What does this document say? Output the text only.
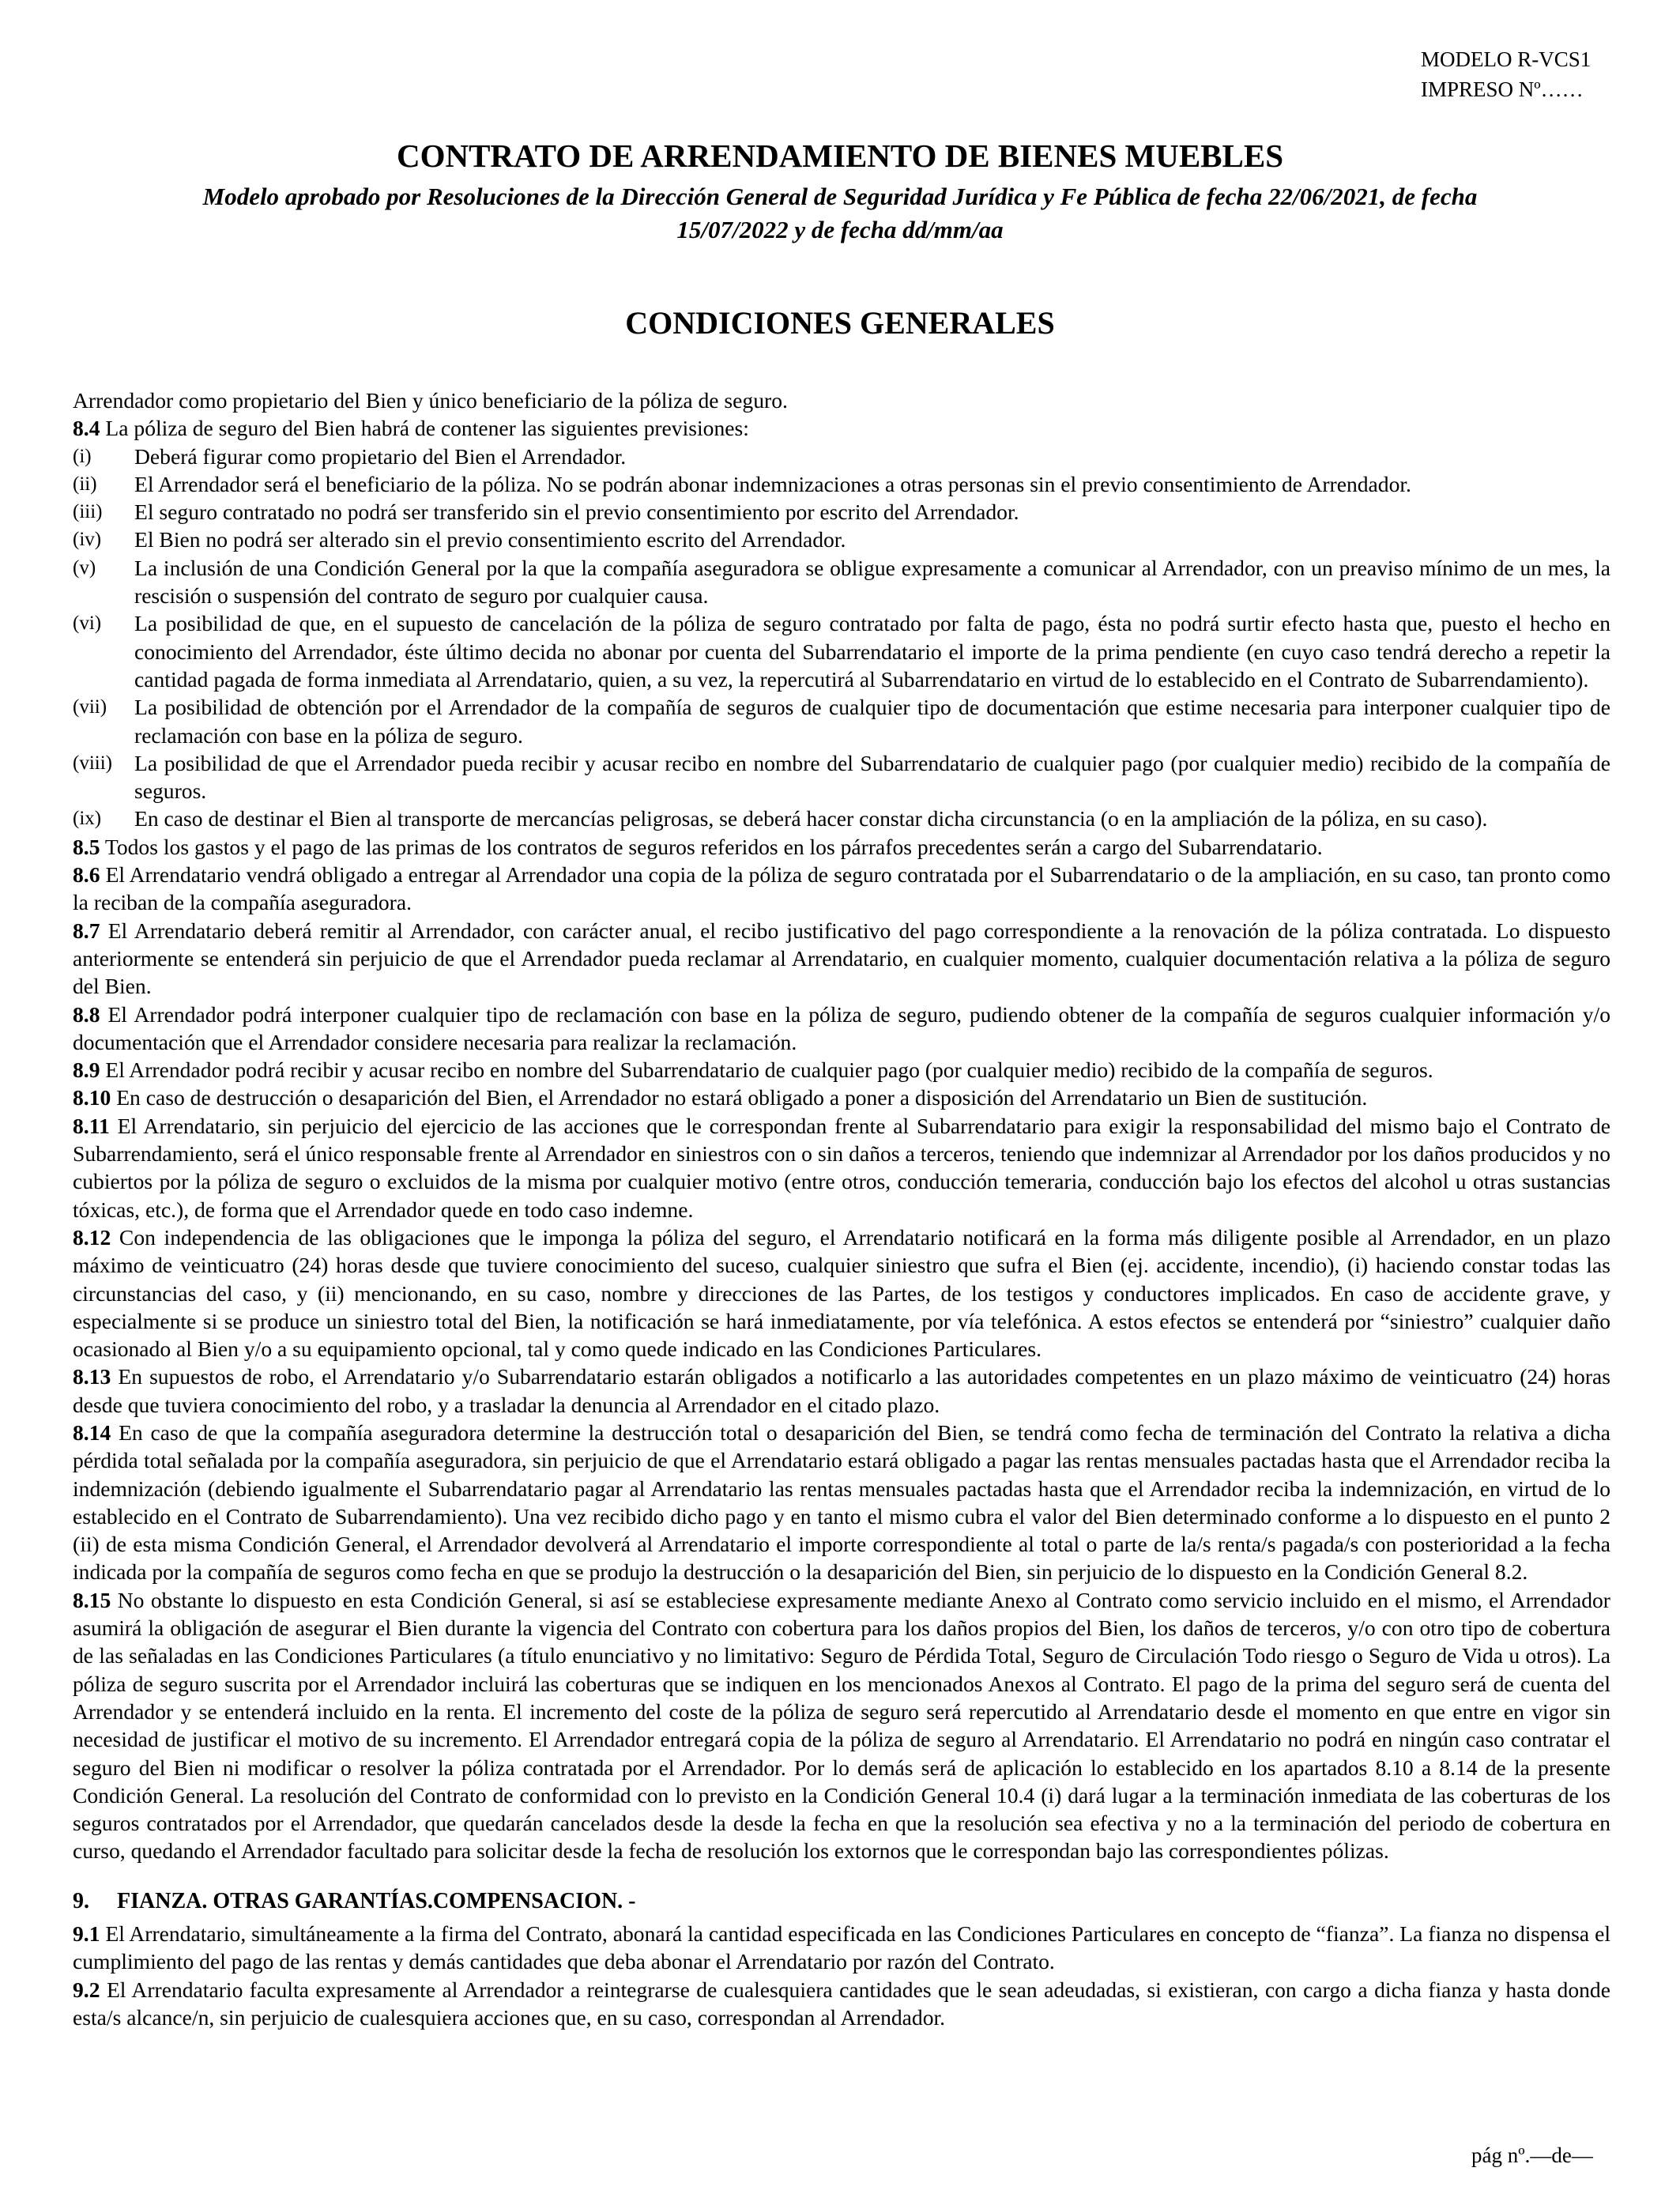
MODELO R-VCS1
IMPRESO Nº……
CONTRATO DE ARRENDAMIENTO DE BIENES MUEBLES
Modelo aprobado por Resoluciones de la Dirección General de Seguridad Jurídica y Fe Pública de fecha 22/06/2021, de fecha 15/07/2022 y de fecha dd/mm/aa
CONDICIONES GENERALES

Arrendador como propietario del Bien y único beneficiario de la póliza de seguro.

8.4 La póliza de seguro del Bien habrá de contener las siguientes previsiones:

(i) Deberá figurar como propietario del Bien el Arrendador.
(ii) El Arrendador será el beneficiario de la póliza. No se podrán abonar indemnizaciones a otras personas sin el previo consentimiento de Arrendador.
(iii) El seguro contratado no podrá ser transferido sin el previo consentimiento por escrito del Arrendador.
(iv) El Bien no podrá ser alterado sin el previo consentimiento escrito del Arrendador.
(v) La inclusión de una Condición General por la que la compañía aseguradora se obligue expresamente a comunicar al Arrendador, con un preaviso mínimo de un mes, la rescisión o suspensión del contrato de seguro por cualquier causa.
(vi) La posibilidad de que, en el supuesto de cancelación de la póliza de seguro contratado por falta de pago, ésta no podrá surtir efecto hasta que, puesto el hecho en conocimiento del Arrendador, éste último decida no abonar por cuenta del Subarrendatario el importe de la prima pendiente (en cuyo caso tendrá derecho a repetir la cantidad pagada de forma inmediata al Arrendatario, quien, a su vez, la repercutirá al Subarrendatario en virtud de lo establecido en el Contrato de Subarrendamiento).
(vii) La posibilidad de obtención por el Arrendador de la compañía de seguros de cualquier tipo de documentación que estime necesaria para interponer cualquier tipo de reclamación con base en la póliza de seguro.
(viii) La posibilidad de que el Arrendador pueda recibir y acusar recibo en nombre del Subarrendatario de cualquier pago (por cualquier medio) recibido de la compañía de seguros.
(ix) En caso de destinar el Bien al transporte de mercancías peligrosas, se deberá hacer constar dicha circunstancia (o en la ampliación de la póliza, en su caso).

8.5 Todos los gastos y el pago de las primas de los contratos de seguros referidos en los párrafos precedentes serán a cargo del Subarrendatario.

8.6 El Arrendatario vendrá obligado a entregar al Arrendador una copia de la póliza de seguro contratada por el Subarrendatario o de la ampliación, en su caso, tan pronto como la reciban de la compañía aseguradora.

8.7 El Arrendatario deberá remitir al Arrendador, con carácter anual, el recibo justificativo del pago correspondiente a la renovación de la póliza contratada. Lo dispuesto anteriormente se entenderá sin perjuicio de que el Arrendador pueda reclamar al Arrendatario, en cualquier momento, cualquier documentación relativa a la póliza de seguro del Bien.

8.8 El Arrendador podrá interponer cualquier tipo de reclamación con base en la póliza de seguro, pudiendo obtener de la compañía de seguros cualquier información y/o documentación que el Arrendador considere necesaria para realizar la reclamación.

8.9 El Arrendador podrá recibir y acusar recibo en nombre del Subarrendatario de cualquier pago (por cualquier medio) recibido de la compañía de seguros.

8.10 En caso de destrucción o desaparición del Bien, el Arrendador no estará obligado a poner a disposición del Arrendatario un Bien de sustitución.

8.11 El Arrendatario, sin perjuicio del ejercicio de las acciones que le correspondan frente al Subarrendatario para exigir la responsabilidad del mismo bajo el Contrato de Subarrendamiento, será el único responsable frente al Arrendador en siniestros con o sin daños a terceros, teniendo que indemnizar al Arrendador por los daños producidos y no cubiertos por la póliza de seguro o excluidos de la misma por cualquier motivo (entre otros, conducción temeraria, conducción bajo los efectos del alcohol u otras sustancias tóxicas, etc.), de forma que el Arrendador quede en todo caso indemne.

8.12 Con independencia de las obligaciones que le imponga la póliza del seguro, el Arrendatario notificará en la forma más diligente posible al Arrendador, en un plazo máximo de veinticuatro (24) horas desde que tuviere conocimiento del suceso, cualquier siniestro que sufra el Bien (ej. accidente, incendio), (i) haciendo constar todas las circunstancias del caso, y (ii) mencionando, en su caso, nombre y direcciones de las Partes, de los testigos y conductores implicados. En caso de accidente grave, y especialmente si se produce un siniestro total del Bien, la notificación se hará inmediatamente, por vía telefónica. A estos efectos se entenderá por “siniestro” cualquier daño ocasionado al Bien y/o a su equipamiento opcional, tal y como quede indicado en las Condiciones Particulares.

8.13 En supuestos de robo, el Arrendatario y/o Subarrendatario estarán obligados a notificarlo a las autoridades competentes en un plazo máximo de veinticuatro (24) horas desde que tuviera conocimiento del robo, y a trasladar la denuncia al Arrendador en el citado plazo.

8.14 En caso de que la compañía aseguradora determine la destrucción total o desaparición del Bien, se tendrá como fecha de terminación del Contrato la relativa a dicha pérdida total señalada por la compañía aseguradora, sin perjuicio de que el Arrendatario estará obligado a pagar las rentas mensuales pactadas hasta que el Arrendador reciba la indemnización (debiendo igualmente el Subarrendatario pagar al Arrendatario las rentas mensuales pactadas hasta que el Arrendador reciba la indemnización, en virtud de lo establecido en el Contrato de Subarrendamiento). Una vez recibido dicho pago y en tanto el mismo cubra el valor del Bien determinado conforme a lo dispuesto en el punto 2 (ii) de esta misma Condición General, el Arrendador devolverá al Arrendatario el importe correspondiente al total o parte de la/s renta/s pagada/s con posterioridad a la fecha indicada por la compañía de seguros como fecha en que se produjo la destrucción o la desaparición del Bien, sin perjuicio de lo dispuesto en la Condición General 8.2.

8.15 No obstante lo dispuesto en esta Condición General, si así se estableciese expresamente mediante Anexo al Contrato como servicio incluido en el mismo, el Arrendador asumirá la obligación de asegurar el Bien durante la vigencia del Contrato con cobertura para los daños propios del Bien, los daños de terceros, y/o con otro tipo de cobertura de las señaladas en las Condiciones Particulares (a título enunciativo y no limitativo: Seguro de Pérdida Total, Seguro de Circulación Todo riesgo o Seguro de Vida u otros). La póliza de seguro suscrita por el Arrendador incluirá las coberturas que se indiquen en los mencionados Anexos al Contrato. El pago de la prima del seguro será de cuenta del Arrendador y se entenderá incluido en la renta. El incremento del coste de la póliza de seguro será repercutido al Arrendatario desde el momento en que entre en vigor sin necesidad de justificar el motivo de su incremento. El Arrendador entregará copia de la póliza de seguro al Arrendatario. El Arrendatario no podrá en ningún caso contratar el seguro del Bien ni modificar o resolver la póliza contratada por el Arrendador. Por lo demás será de aplicación lo establecido en los apartados 8.10 a 8.14 de la presente Condición General. La resolución del Contrato de conformidad con lo previsto en la Condición General 10.4 (i) dará lugar a la terminación inmediata de las coberturas de los seguros contratados por el Arrendador, que quedarán cancelados desde la desde la fecha en que la resolución sea efectiva y no a la terminación del periodo de cobertura en curso, quedando el Arrendador facultado para solicitar desde la fecha de resolución los extornos que le correspondan bajo las correspondientes pólizas.

9. FIANZA. OTRAS GARANTÍAS.COMPENSACION. -

9.1 El Arrendatario, simultáneamente a la firma del Contrato, abonará la cantidad especificada en las Condiciones Particulares en concepto de “fianza”. La fianza no dispensa el cumplimiento del pago de las rentas y demás cantidades que deba abonar el Arrendatario por razón del Contrato.

9.2 El Arrendatario faculta expresamente al Arrendador a reintegrarse de cualesquiera cantidades que le sean adeudadas, si existieran, con cargo a dicha fianza y hasta donde esta/s alcance/n, sin perjuicio de cualesquiera acciones que, en su caso, correspondan al Arrendador.

pág nº.—de—
